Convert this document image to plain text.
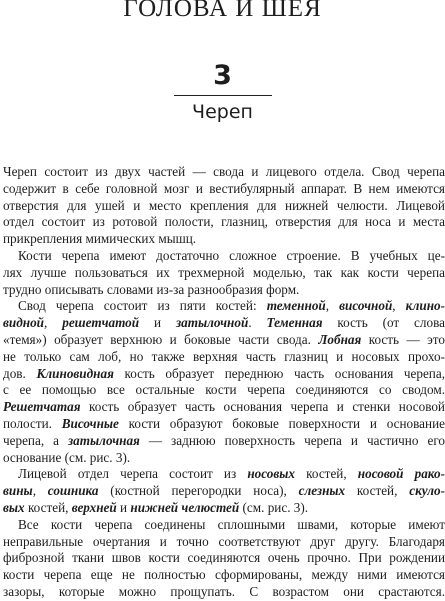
ГОЛОВА И ШЕЯ
3
Череп
Череп состоит из двух частей — свода и лицевого отдела. Свод черепа
содержит в себе головной мозг и вестибулярный аппарат. В нем имеются
отверстия для ушей и место крепления для нижней челюсти. Лицевой
отдел состоит из ротовой полости, глазниц, отверстия для носа и места
прикрепления мимических мышц.
Кости черепа имеют достаточно сложное строение. В учебных це-
лях лучше пользоваться их трехмерной моделью, так как кости черепа
трудно описывать словами из-за разнообразия форм.
Свод черепа состоит из пяти костей: теменной, височной, клино-
видной, решетчатой и затылочной. Теменная кость (от слова
«темя») образует верхнюю и боковые части свода. Лобная кость — это
не только сам лоб, но также верхняя часть глазниц и носовых прохо-
дов. Клиновидная кость образует переднюю часть основания черепа,
с ее помощью все остальные кости черепа соединяются со сводом.
Решетчатая кость образует часть основания черепа и стенки носовой
полости. Височные кости образуют боковые поверхности и основание
черепа, а затылочная — заднюю поверхность черепа и частично его
основание (см. рис. 3).
Лицевой отдел черепа состоит из носовых костей, носовой рако-
вины, сошника (костной перегородки носа), слезных костей, скуло-
вых костей, верхней и нижней челюстей (см. рис. 3).
Все кости черепа соединены сплошными швами, которые имеют
неправильные очертания и точно соответствуют друг другу. Благодаря
фиброзной ткани швов кости соединяются очень прочно. При рождении
кости черепа еще не полностью сформированы, между ними имеются
зазоры, которые можно прощупать. С возрастом они срастаются.
